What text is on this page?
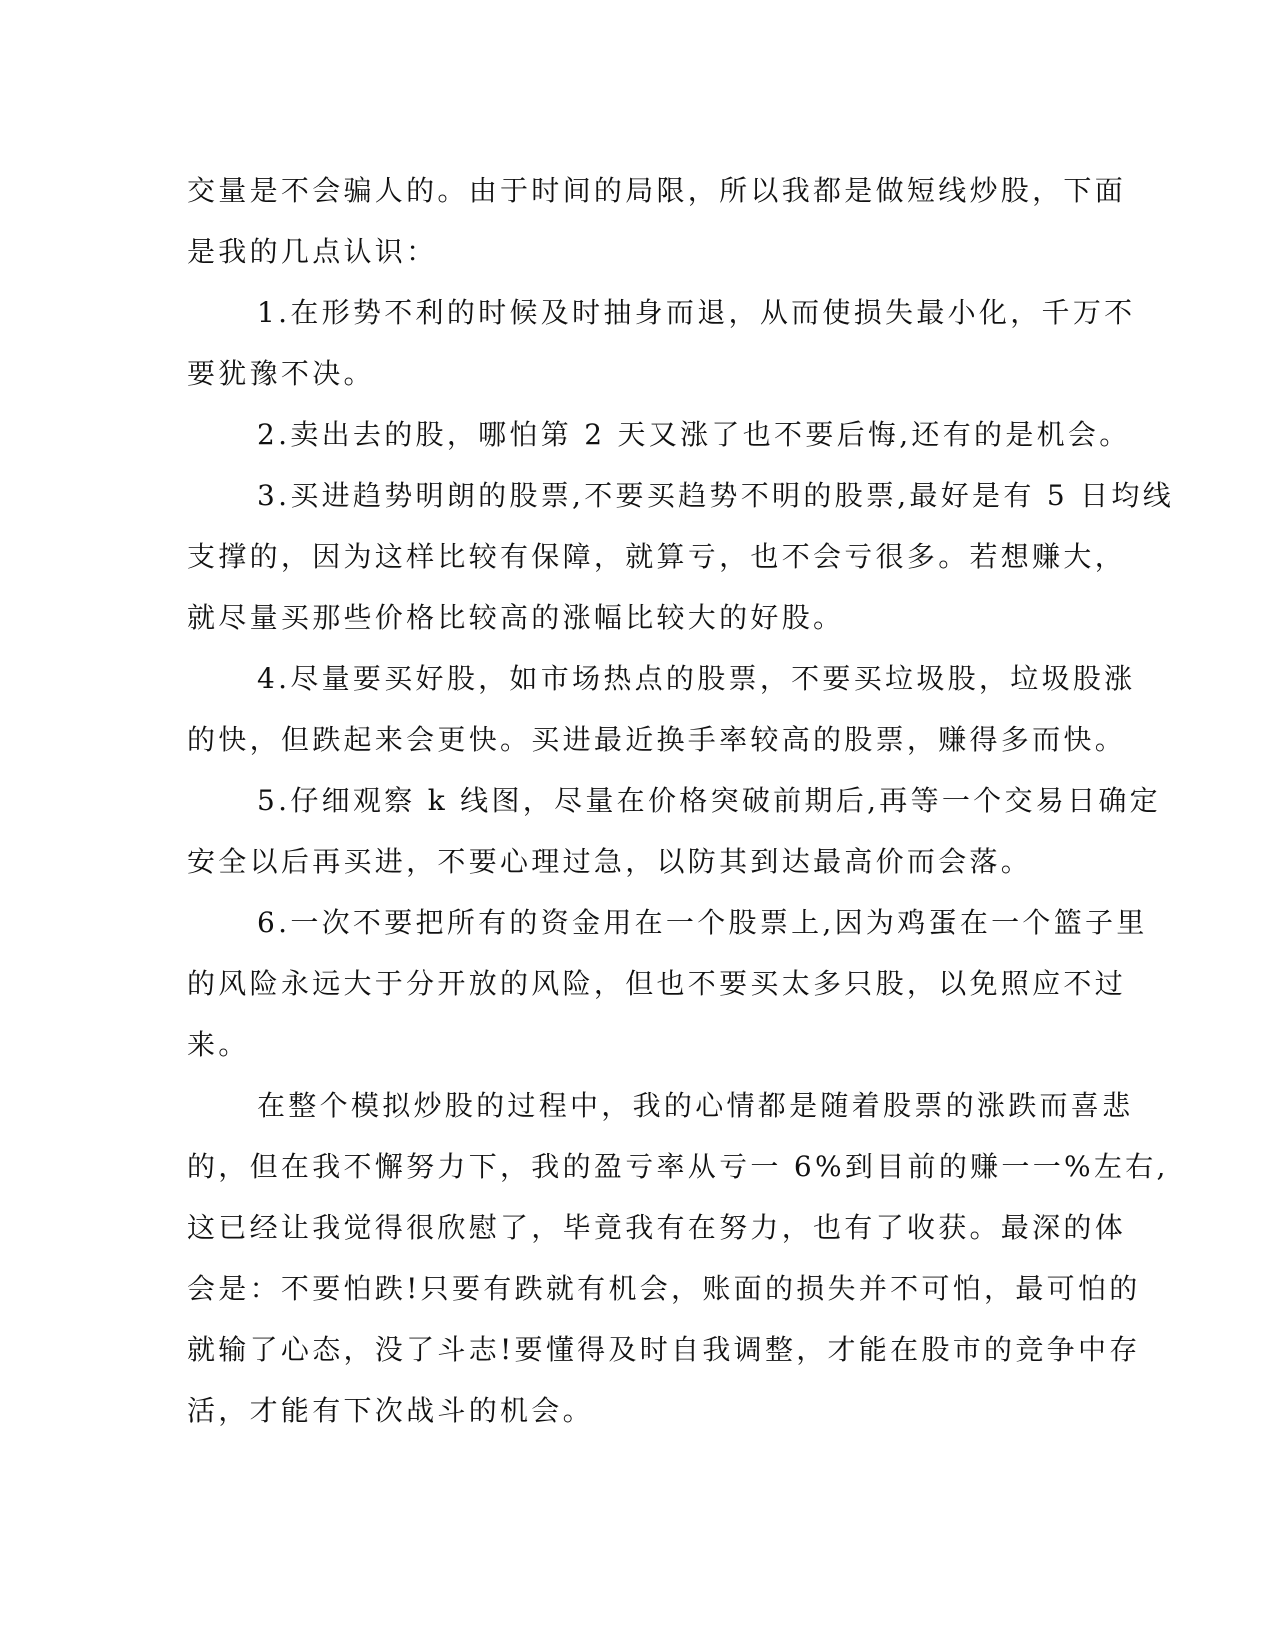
交量是不会骗人的。由于时间的局限，所以我都是做短线炒股，下面
是我的几点认识：
1.在形势不利的时候及时抽身而退，从而使损失最小化，千万不
要犹豫不决。
2.卖出去的股，哪怕第 2 天又涨了也不要后悔,还有的是机会。
3.买进趋势明朗的股票,不要买趋势不明的股票,最好是有 5 日均线
支撑的，因为这样比较有保障，就算亏，也不会亏很多。若想赚大，
就尽量买那些价格比较高的涨幅比较大的好股。
4.尽量要买好股，如市场热点的股票，不要买垃圾股，垃圾股涨
的快，但跌起来会更快。买进最近换手率较高的股票，赚得多而快。
5.仔细观察 k 线图，尽量在价格突破前期后,再等一个交易日确定
安全以后再买进，不要心理过急，以防其到达最高价而会落。
6.一次不要把所有的资金用在一个股票上,因为鸡蛋在一个篮子里
的风险永远大于分开放的风险，但也不要买太多只股，以免照应不过
来。
在整个模拟炒股的过程中，我的心情都是随着股票的涨跌而喜悲
的，但在我不懈努力下，我的盈亏率从亏一 6%到目前的赚一一%左右,
这已经让我觉得很欣慰了，毕竟我有在努力，也有了收获。最深的体
会是：不要怕跌!只要有跌就有机会，账面的损失并不可怕，最可怕的
就输了心态，没了斗志!要懂得及时自我调整，才能在股市的竞争中存
活，才能有下次战斗的机会。
